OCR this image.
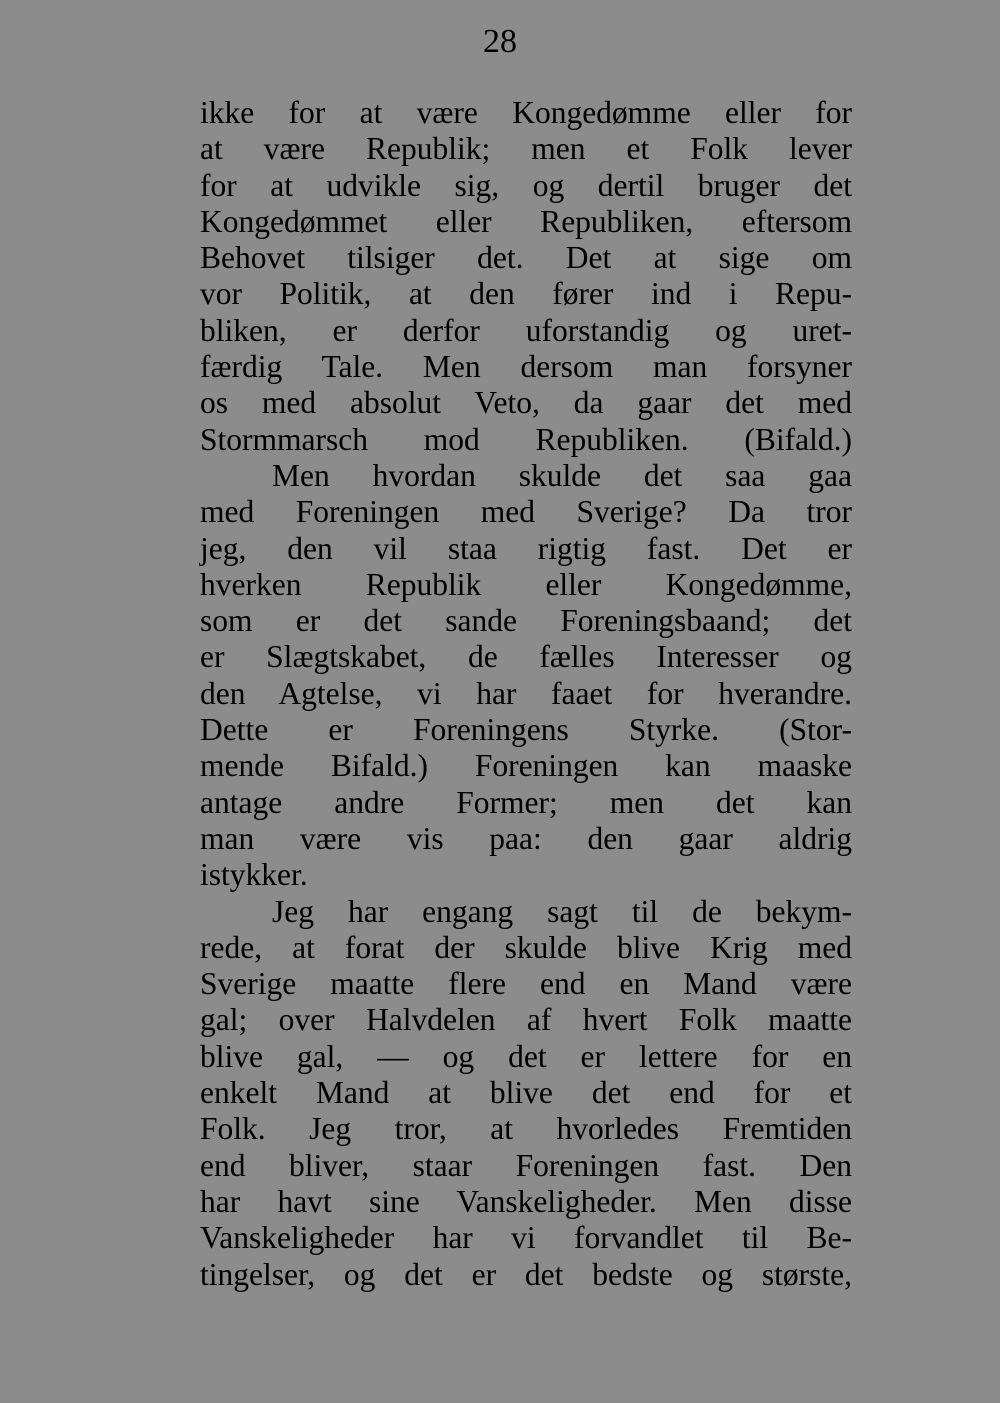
28
ikke for at være Kongedømme eller for
at være Republik; men et Folk lever
for at udvikle sig, og dertil bruger det
Kongedømmet eller Republiken, eftersom
Behovet tilsiger det. Det at sige om
vor Politik, at den fører ind i Repu-
bliken, er derfor uforstandig og uret-
færdig Tale. Men dersom man forsyner
os med absolut Veto, da gaar det med
Stormmarsch mod Republiken. (Bifald.)
Men hvordan skulde det saa gaa
med Foreningen med Sverige? Da tror
jeg, den vil staa rigtig fast. Det er
hverken Republik eller Kongedømme,
som er det sande Foreningsbaand; det
er Slægtskabet, de fælles Interesser og
den Agtelse, vi har faaet for hverandre.
Dette er Foreningens Styrke. (Stor-
mende Bifald.) Foreningen kan maaske
antage andre Former; men det kan
man være vis paa: den gaar aldrig
istykker.
Jeg har engang sagt til de bekym-
rede, at forat der skulde blive Krig med
Sverige maatte flere end en Mand være
gal; over Halvdelen af hvert Folk maatte
blive gal, — og det er lettere for en
enkelt Mand at blive det end for et
Folk. Jeg tror, at hvorledes Fremtiden
end bliver, staar Foreningen fast. Den
har havt sine Vanskeligheder. Men disse
Vanskeligheder har vi forvandlet til Be-
tingelser, og det er det bedste og største,
